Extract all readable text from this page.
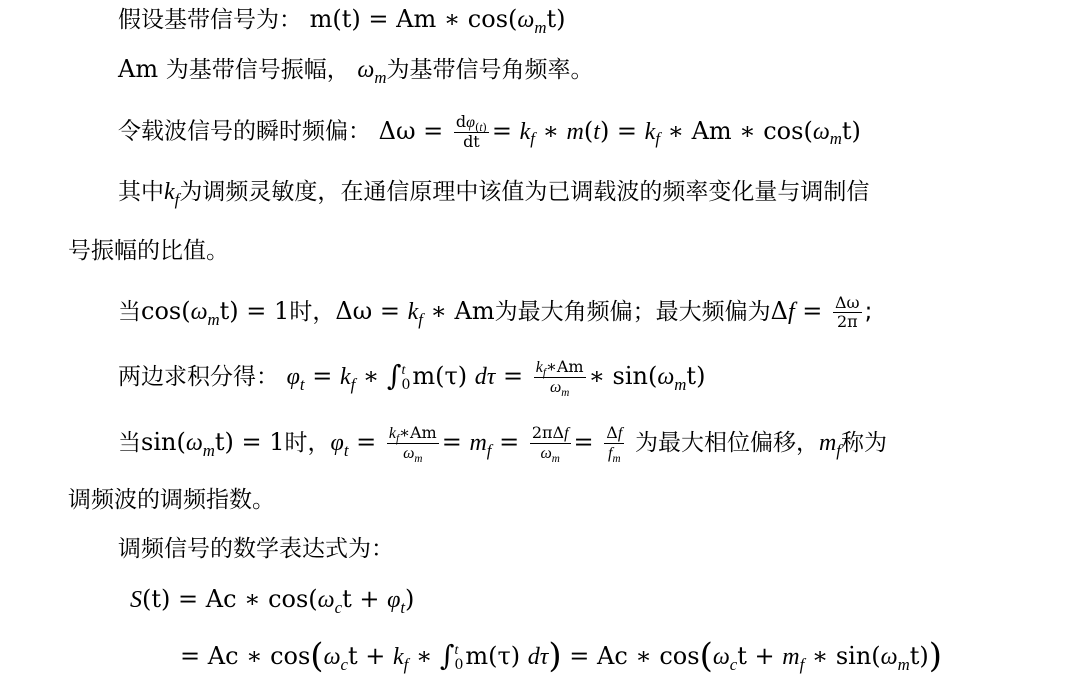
假设基带信号为： m(t) = Am ∗ $\cos(\omega_mt)$
Am 为基带信号振幅， $\omega_m$为基带信号角频率。
令载波信号的瞬时频偏： $\Delta\omega = \frac{d\varphi_{(t)}}{dt} = k_f$ ∗ $m(t) = k_f$ ∗ Am ∗ $\cos(\omega_mt)$
其中$k_f$为调频灵敏度，在通信原理中该值为已调载波的频率变化量与调制信
号振幅的比值。
当$\cos(\omega_mt) = 1$时，$\Delta\omega = k_f$ ∗ Am为最大角频偏；最大频偏为$\Delta f = \frac{\Delta\omega}{2\pi}$ ;
两边求积分得： $\varphi_t = k_f$ ∗ ∫ t
0 m(τ) $d\tau = \frac{k_f∗Am}{\omega_m}$ ∗ $\sin(\omega_mt)$
当$\sin(\omega_mt) = 1$时，$\varphi_t = \frac{k_f∗Am}{\omega_m} = m_f = \frac{\text{2πΔf}}{\omega_m} = \frac{\Delta f}{f_m}$ 为最大相位偏移，$m_f$称为
调频波的调频指数。
调频信号的数学表达式为：
S(t) = Ac ∗ $\cos(\omega_ct + \varphi_t)$
= Ac ∗ $\cos(\omega_ct + k_f$ ∗ ∫ t
0 m(τ) dτ) = Ac ∗ $\cos(\omega_ct + m_f$ ∗ $\sin(\omega_mt)$)
